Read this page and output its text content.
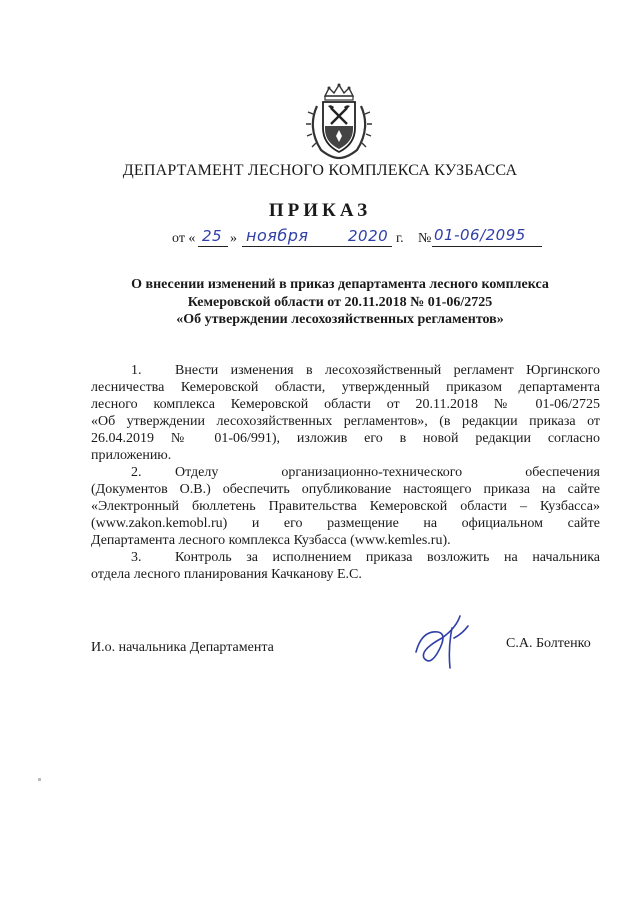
ДЕПАРТАМЕНТ ЛЕСНОГО КОМПЛЕКСА КУЗБАССА
ПРИКАЗ
от « 25 » ноября	2020 г. № 01-06/2095
О внесении изменений в приказ департамента лесного комплекса
Кемеровской области от 20.11.2018 № 01-06/2725
«Об утверждении лесохозяйственных регламентов»

1. Внести изменения в лесохозяйственный регламент Юргинского

лесничества Кемеровской области, утвержденный приказом департамента

лесного комплекса Кемеровской области от 20.11.2018 № 01-06/2725

«Об утверждении лесохозяйственных регламентов», (в редакции приказа от

26.04.2019 № 01-06/991), изложив его в новой редакции согласно

приложению.

2. Отделу организационно-технического обеспечения

(Документов О.В.) обеспечить опубликование настоящего приказа на сайте

«Электронный бюллетень Правительства Кемеровской области – Кузбасса»

(www.zakon.kemobl.ru) и его размещение на официальном сайте

Департамента лесного комплекса Кузбасса (www.kemles.ru).

3. Контроль за исполнением приказа возложить на начальника

отдела лесного планирования Качканову Е.С.

И.о. начальника Департамента	С.А. Болтенко
